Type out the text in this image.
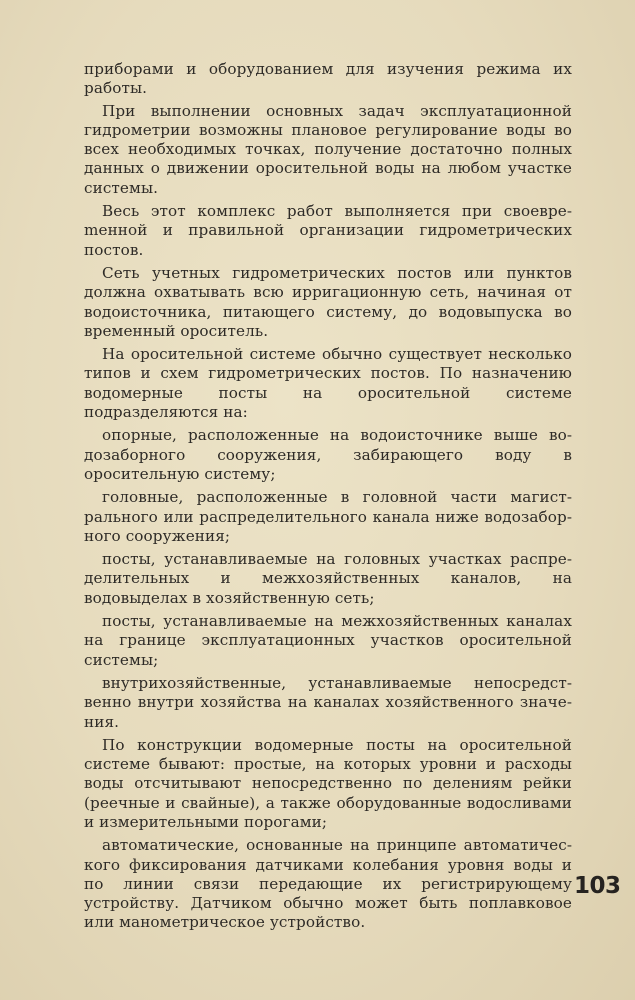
приборами и оборудованием для изучения режима их работы.

При выполнении основных задач эксплуатационной гидрометрии возможны плановое регулирование воды во всех необходимых точках, получение достаточно полных данных о движении оросительной воды на любом участке системы.

Весь этот комплекс работ выполняется при своевреmенной и правильной организации гидрометрических постов.

Сеть учетных гидрометрических постов или пунктов должна охватывать всю ирригационную сеть, начиная от водоисточника, питающего систему, до водовыпуска во временный ороситель.

На оросительной системе обычно существует несколько типов и схем гидрометрических постов. По назначению водомерные посты на оросительной системе подразделяются на:

опорные, расположенные на водоисточнике выше водозаборного сооружения, забирающего воду в оросительную систему;

головные, расположенные в головной части магистрального или распределительного канала ниже водозаборного сооружения;

посты, устанавливаемые на головных участках распределительных и межхозяйственных каналов, на водовыделах в хозяйственную сеть;

посты, устанавливаемые на межхозяйственных каналах на границе эксплуатационных участков оросительной системы;

внутрихозяйственные, устанавливаемые непосредственно внутри хозяйства на каналах хозяйственного значения.

По конструкции водомерные посты на оросительной системе бывают: простые, на которых уровни и расходы воды отсчитывают непосредственно по делениям рейки (реечные и свайные), а также оборудованные водосливами и измерительными порогами;

автоматические, основанные на принципе автоматического фиксирования датчиками колебания уровня воды и по линии связи передающие их регистрирующему устройству. Датчиком обычно может быть поплавковое или манометрическое устройство.

103
